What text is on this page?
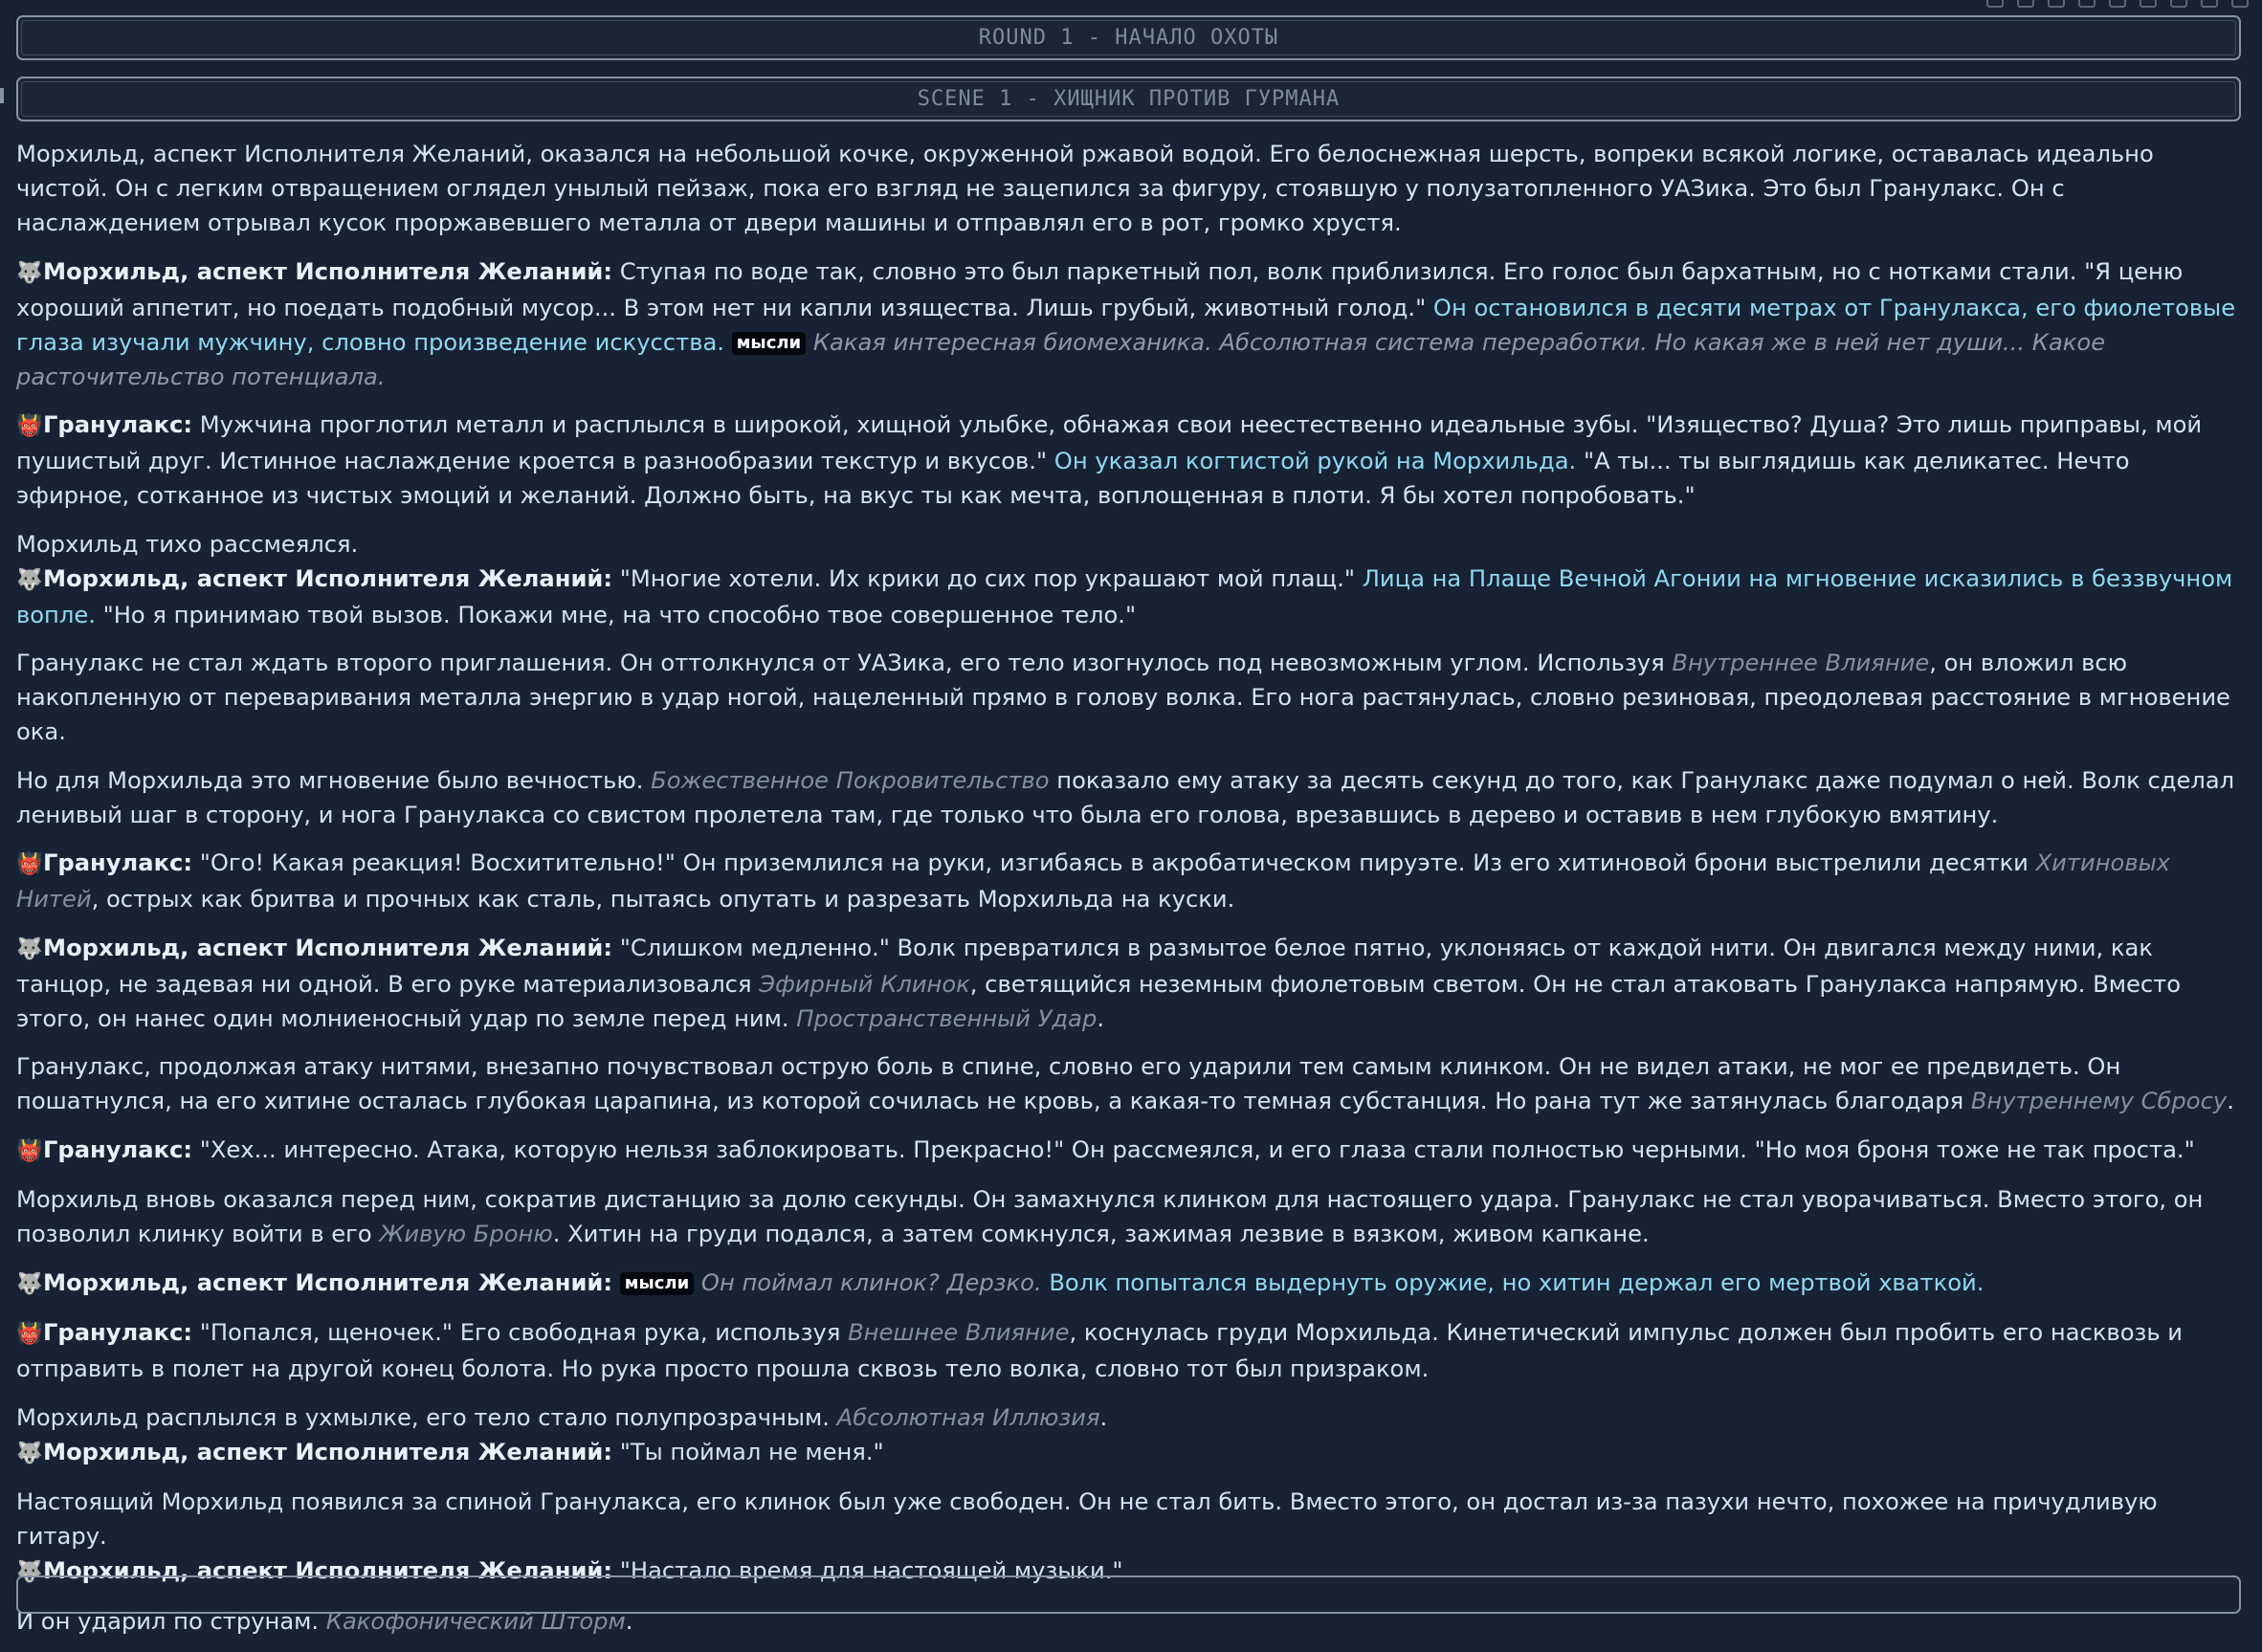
ROUND 1 - НАЧАЛО ОХОТЫ
SCENE 1 - ХИЩНИК ПРОТИВ ГУРМАНА

Морхильд, аспект Исполнителя Желаний, оказался на небольшой кочке, окруженной ржавой водой. Его белоснежная шерсть, вопреки всякой логике, оставалась идеально чистой. Он с легким отвращением оглядел унылый пейзаж, пока его взгляд не зацепился за фигуру, стоявшую у полузатопленного УАЗика. Это был Гранулакс. Он с наслаждением отрывал кусок проржавевшего металла от двери машины и отправлял его в рот, громко хрустя.

🐺Морхильд, аспект Исполнителя Желаний: Ступая по воде так, словно это был паркетный пол, волк приблизился. Его голос был бархатным, но с нотками стали. "Я ценю хороший аппетит, но поедать подобный мусор... В этом нет ни капли изящества. Лишь грубый, животный голод." Он остановился в десяти метрах от Гранулакса, его фиолетовые глаза изучали мужчину, словно произведение искусства. мысли Какая интересная биомеханика. Абсолютная система переработки. Но какая же в ней нет души... Какое расточительство потенциала.

👹Гранулакс: Мужчина проглотил металл и расплылся в широкой, хищной улыбке, обнажая свои неестественно идеальные зубы. "Изящество? Душа? Это лишь приправы, мой пушистый друг. Истинное наслаждение кроется в разнообразии текстур и вкусов." Он указал когтистой рукой на Морхильда. "А ты... ты выглядишь как деликатес. Нечто эфирное, сотканное из чистых эмоций и желаний. Должно быть, на вкус ты как мечта, воплощенная в плоти. Я бы хотел попробовать."

Морхильд тихо рассмеялся.

🐺Морхильд, аспект Исполнителя Желаний: "Многие хотели. Их крики до сих пор украшают мой плащ." Лица на Плаще Вечной Агонии на мгновение исказились в беззвучном вопле. "Но я принимаю твой вызов. Покажи мне, на что способно твое совершенное тело."

Гранулакс не стал ждать второго приглашения. Он оттолкнулся от УАЗика, его тело изогнулось под невозможным углом. Используя Внутреннее Влияние, он вложил всю накопленную от переваривания металла энергию в удар ногой, нацеленный прямо в голову волка. Его нога растянулась, словно резиновая, преодолевая расстояние в мгновение ока.

Но для Морхильда это мгновение было вечностью. Божественное Покровительство показало ему атаку за десять секунд до того, как Гранулакс даже подумал о ней. Волк сделал ленивый шаг в сторону, и нога Гранулакса со свистом пролетела там, где только что была его голова, врезавшись в дерево и оставив в нем глубокую вмятину.

👹Гранулакс: "Ого! Какая реакция! Восхитительно!" Он приземлился на руки, изгибаясь в акробатическом пируэте. Из его хитиновой брони выстрелили десятки Хитиновых Нитей, острых как бритва и прочных как сталь, пытаясь опутать и разрезать Морхильда на куски.

🐺Морхильд, аспект Исполнителя Желаний: "Слишком медленно." Волк превратился в размытое белое пятно, уклоняясь от каждой нити. Он двигался между ними, как танцор, не задевая ни одной. В его руке материализовался Эфирный Клинок, светящийся неземным фиолетовым светом. Он не стал атаковать Гранулакса напрямую. Вместо этого, он нанес один молниеносный удар по земле перед ним. Пространственный Удар.

Гранулакс, продолжая атаку нитями, внезапно почувствовал острую боль в спине, словно его ударили тем самым клинком. Он не видел атаки, не мог ее предвидеть. Он пошатнулся, на его хитине осталась глубокая царапина, из которой сочилась не кровь, а какая-то темная субстанция. Но рана тут же затянулась благодаря Внутреннему Сбросу.

👹Гранулакс: "Хех... интересно. Атака, которую нельзя заблокировать. Прекрасно!" Он рассмеялся, и его глаза стали полностью черными. "Но моя броня тоже не так проста."

Морхильд вновь оказался перед ним, сократив дистанцию за долю секунды. Он замахнулся клинком для настоящего удара. Гранулакс не стал уворачиваться. Вместо этого, он позволил клинку войти в его Живую Броню. Хитин на груди подался, а затем сомкнулся, зажимая лезвие в вязком, живом капкане.

🐺Морхильд, аспект Исполнителя Желаний: мысли Он поймал клинок? Дерзко. Волк попытался выдернуть оружие, но хитин держал его мертвой хваткой.

👹Гранулакс: "Попался, щеночек." Его свободная рука, используя Внешнее Влияние, коснулась груди Морхильда. Кинетический импульс должен был пробить его насквозь и отправить в полет на другой конец болота. Но рука просто прошла сквозь тело волка, словно тот был призраком.

Морхильд расплылся в ухмылке, его тело стало полупрозрачным. Абсолютная Иллюзия.

🐺Морхильд, аспект Исполнителя Желаний: "Ты поймал не меня."

Настоящий Морхильд появился за спиной Гранулакса, его клинок был уже свободен. Он не стал бить. Вместо этого, он достал из-за пазухи нечто, похожее на причудливую гитару.

🐺Морхильд, аспект Исполнителя Желаний: "Настало время для настоящей музыки."

И он ударил по струнам. Какофонический Шторм.
